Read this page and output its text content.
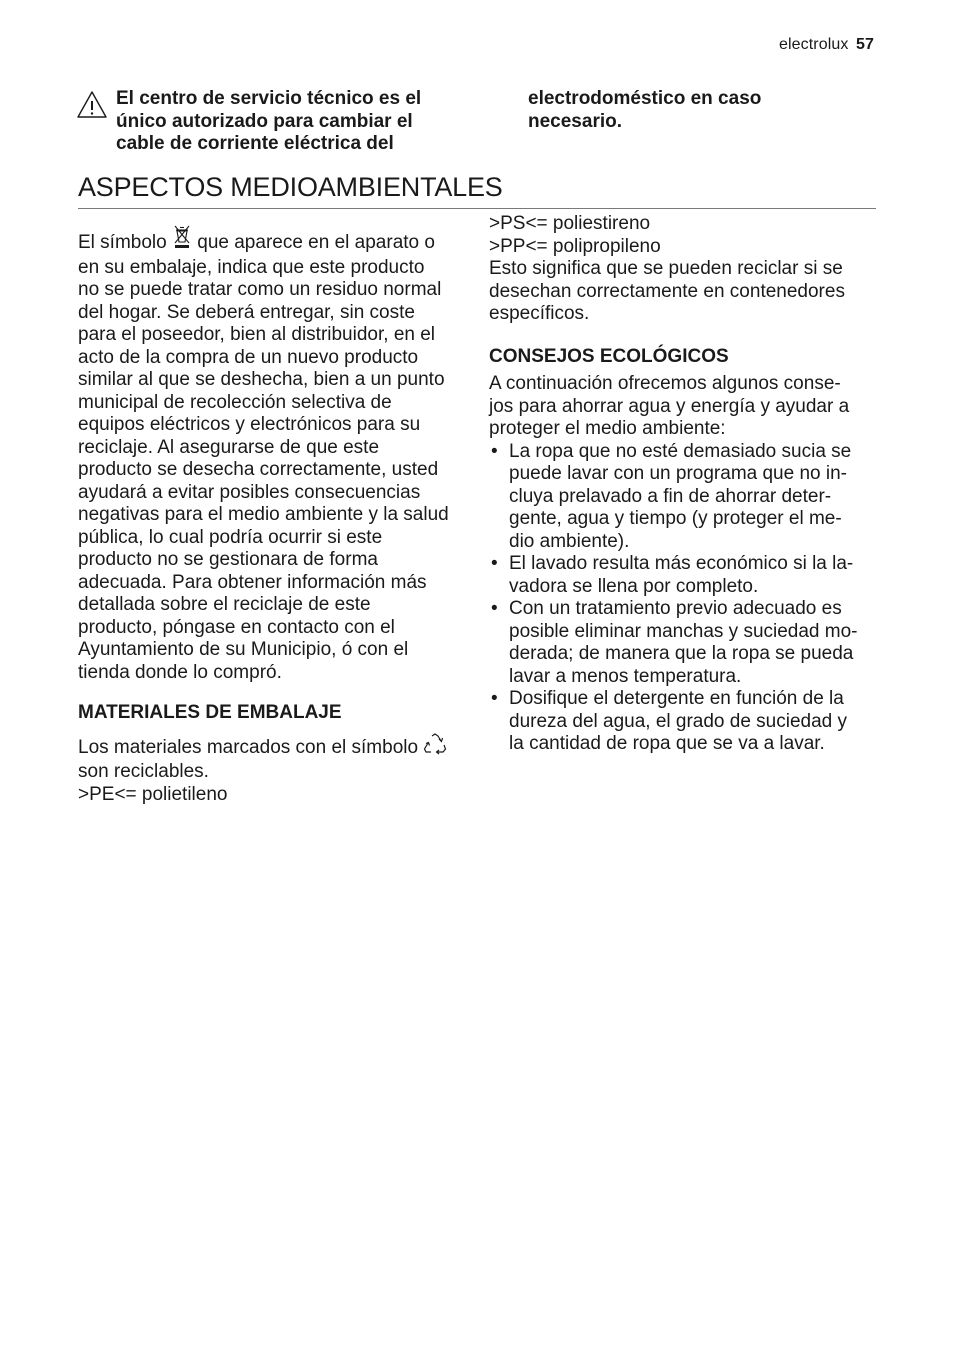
electrolux 57

El centro de servicio técnico es el

único autorizado para cambiar el

cable de corriente eléctrica del

electrodoméstico en caso

necesario.

ASPECTOS MEDIOAMBIENTALES

El símbolo que aparece en el aparato o

en su embalaje, indica que este producto

no se puede tratar como un residuo normal

del hogar. Se deberá entregar, sin coste

para el poseedor, bien al distribuidor, en el

acto de la compra de un nuevo producto

similar al que se deshecha, bien a un punto

municipal de recolección selectiva de

equipos eléctricos y electrónicos para su

reciclaje. Al asegurarse de que este

producto se desecha correctamente, usted

ayudará a evitar posibles consecuencias

negativas para el medio ambiente y la salud

pública, lo cual podría ocurrir si este

producto no se gestionara de forma

adecuada. Para obtener información más

detallada sobre el reciclaje de este

producto, póngase en contacto con el

Ayuntamiento de su Municipio, ó con el

tienda donde lo compró.

MATERIALES DE EMBALAJE

Los materiales marcados con el símbolo

son reciclables.

>PE<= polietileno

>PS<= poliestireno

>PP<= polipropileno

Esto significa que se pueden reciclar si se

desechan correctamente en contenedores

específicos.

CONSEJOS ECOLÓGICOS

A continuación ofrecemos algunos conse-

jos para ahorrar agua y energía y ayudar a

proteger el medio ambiente:

• La ropa que no esté demasiado sucia se
puede lavar con un programa que no in-
cluya prelavado a fin de ahorrar deter-
gente, agua y tiempo (y proteger el me-
dio ambiente).
• El lavado resulta más económico si la la-
vadora se llena por completo.
• Con un tratamiento previo adecuado es
posible eliminar manchas y suciedad mo-
derada; de manera que la ropa se pueda
lavar a menos temperatura.
• Dosifique el detergente en función de la
dureza del agua, el grado de suciedad y
la cantidad de ropa que se va a lavar.
